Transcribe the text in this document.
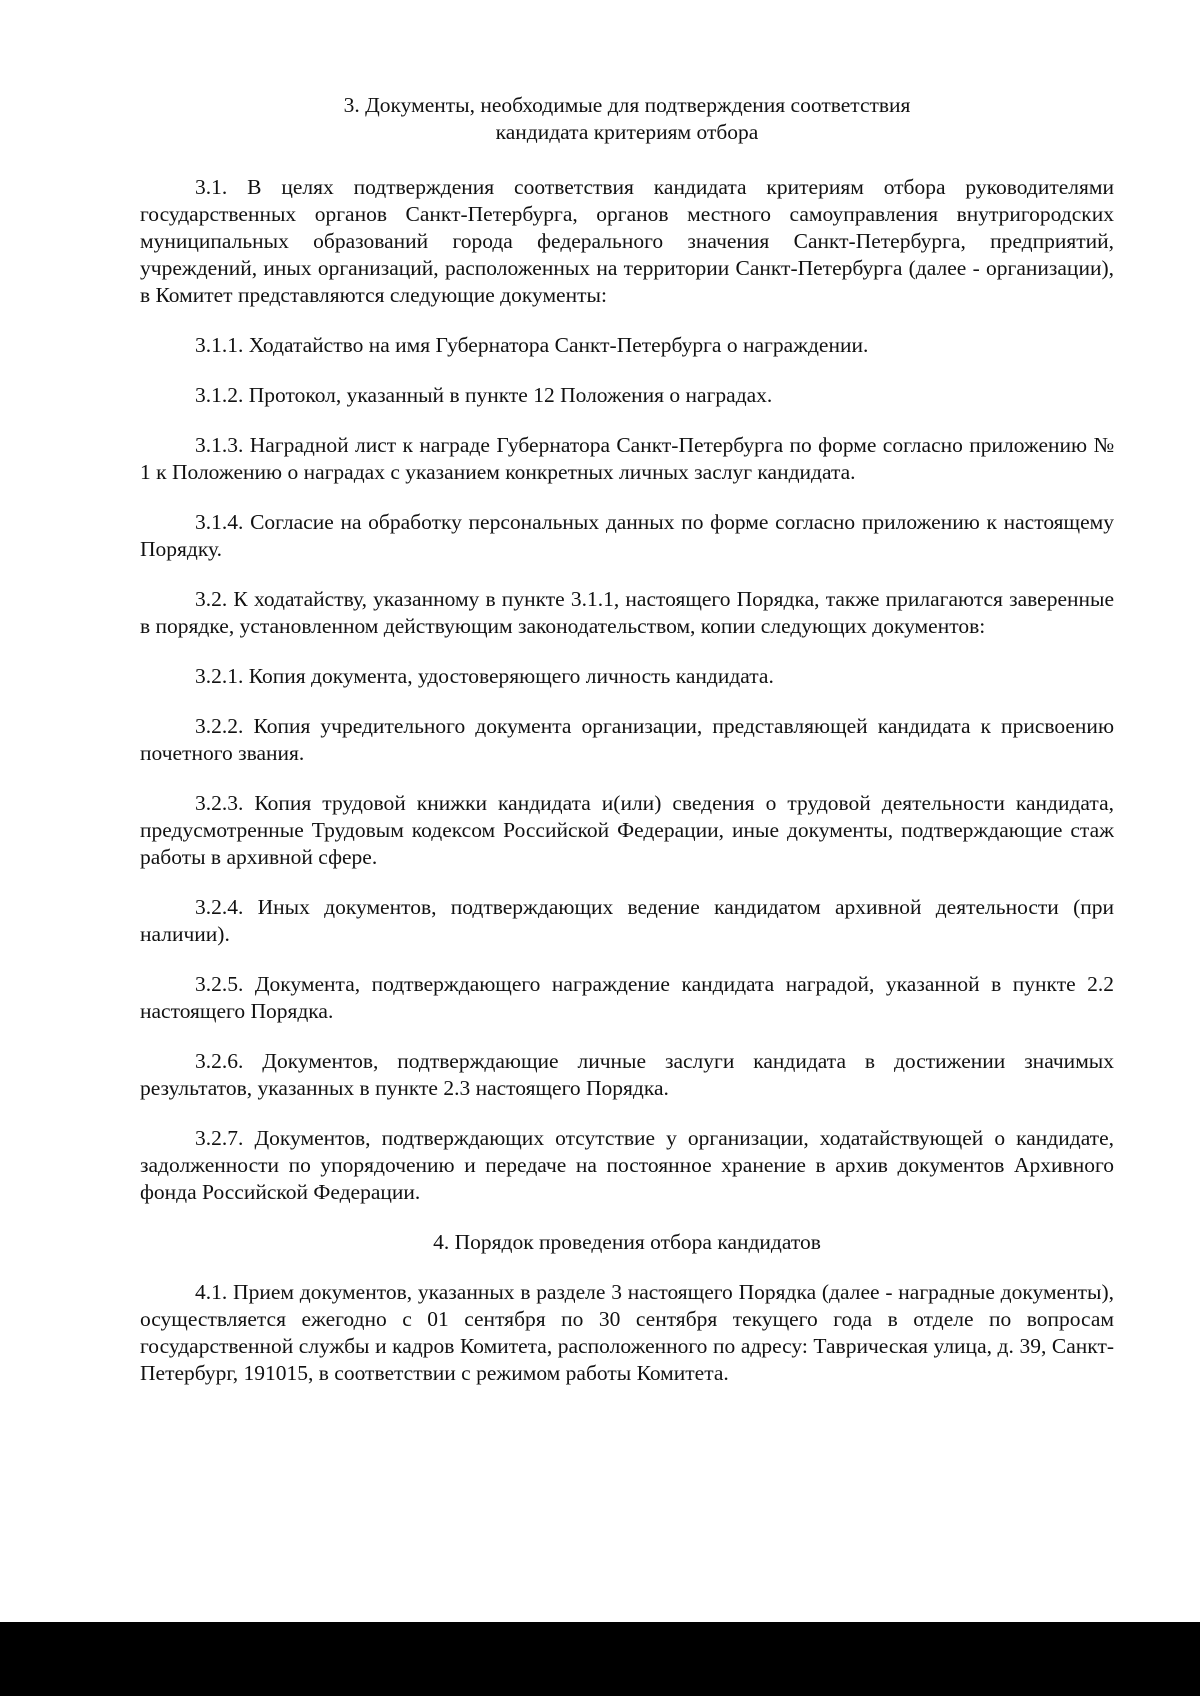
3. Документы, необходимые для подтверждения соответствия
кандидата критериям отбора

3.1. В целях подтверждения соответствия кандидата критериям отбора руководителями государственных органов Санкт-Петербурга, органов местного самоуправления внутригородских муниципальных образований города федерального значения Санкт-Петербурга, предприятий, учреждений, иных организаций, расположенных на территории Санкт-Петербурга (далее - организации), в Комитет представляются следующие документы:

3.1.1. Ходатайство на имя Губернатора Санкт-Петербурга о награждении.

3.1.2. Протокол, указанный в пункте 12 Положения о наградах.

3.1.3. Наградной лист к награде Губернатора Санкт-Петербурга по форме согласно приложению № 1 к Положению о наградах с указанием конкретных личных заслуг кандидата.

3.1.4. Согласие на обработку персональных данных по форме согласно приложению к настоящему Порядку.

3.2. К ходатайству, указанному в пункте 3.1.1, настоящего Порядка, также прилагаются заверенные в порядке, установленном действующим законодательством, копии следующих документов:

3.2.1. Копия документа, удостоверяющего личность кандидата.

3.2.2. Копия учредительного документа организации, представляющей кандидата к присвоению почетного звания.

3.2.3. Копия трудовой книжки кандидата и(или) сведения о трудовой деятельности кандидата, предусмотренные Трудовым кодексом Российской Федерации, иные документы, подтверждающие стаж работы в архивной сфере.

3.2.4. Иных документов, подтверждающих ведение кандидатом архивной деятельности (при наличии).

3.2.5. Документа, подтверждающего награждение кандидата наградой, указанной в пункте 2.2 настоящего Порядка.

3.2.6. Документов, подтверждающие личные заслуги кандидата в достижении значимых результатов, указанных в пункте 2.3 настоящего Порядка.

3.2.7. Документов, подтверждающих отсутствие у организации, ходатайствующей о кандидате, задолженности по упорядочению и передаче на постоянное хранение в архив документов Архивного фонда Российской Федерации.

4. Порядок проведения отбора кандидатов

4.1. Прием документов, указанных в разделе 3 настоящего Порядка (далее - наградные документы), осуществляется ежегодно с 01 сентября по 30 сентября текущего года в отделе по вопросам государственной службы и кадров Комитета, расположенного по адресу: Таврическая улица, д. 39, Санкт-Петербург, 191015, в соответствии с режимом работы Комитета.
